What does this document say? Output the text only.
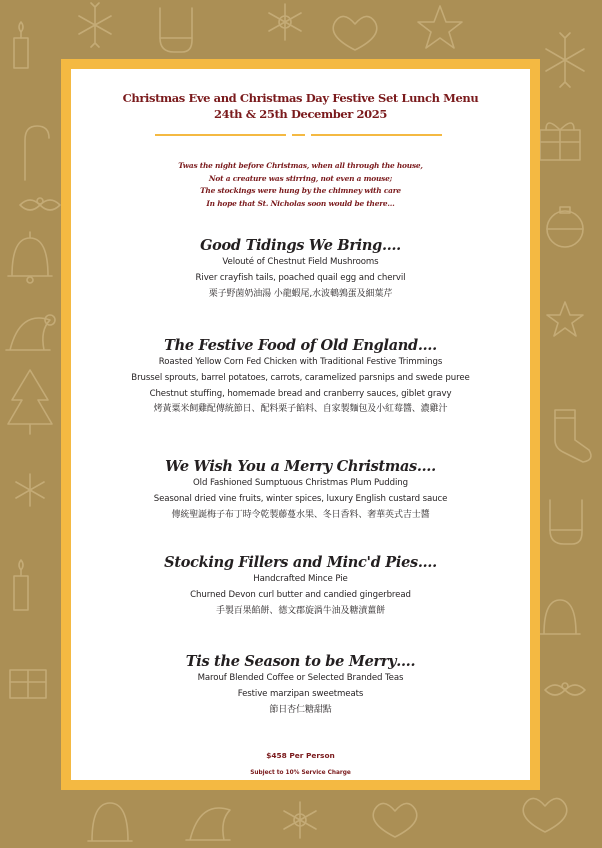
Christmas Eve and Christmas Day Festive Set Lunch Menu

24th & 25th December 2025

Twas the night before Christmas, when all through the house,
Not a creature was stirring, not even a mouse;
The stockings were hung by the chimney with care
In hope that St. Nicholas soon would be there…
Good Tidings We Bring….
Velouté of Chestnut Field Mushrooms
River crayfish tails, poached quail egg and chervil
栗子野菌奶油湯 小龍蝦尾,水波鵪鶉蛋及細葉芹
The Festive Food of Old England….
Roasted Yellow Corn Fed Chicken with Traditional Festive Trimmings
Brussel sprouts, barrel potatoes, carrots, caramelized parsnips and swede puree
Chestnut stuffing, homemade bread and cranberry sauces, giblet gravy
烤黃粟米飼雞配傳統節日、配料栗子餡料、自家製麵包及小紅莓醬、濃雞汁
We Wish You a Merry Christmas….
Old Fashioned Sumptuous Christmas Plum Pudding
Seasonal dried vine fruits, winter spices, luxury English custard sauce
傳統聖誕梅子布丁時令乾製藤蔓水果、冬日香料、奢華英式吉士醬
Stocking Fillers and Minc'd Pies….
Handcrafted Mince Pie
Churned Devon curl butter and candied gingerbread
手製百果餡餅、德文郡旋渦牛油及糖漬薑餅
Tis the Season to be Merry….
Marouf Blended Coffee or Selected Branded Teas
Festive marzipan sweetmeats
節日杏仁糖甜點
$458 Per Person
Subject to 10% Service Charge
